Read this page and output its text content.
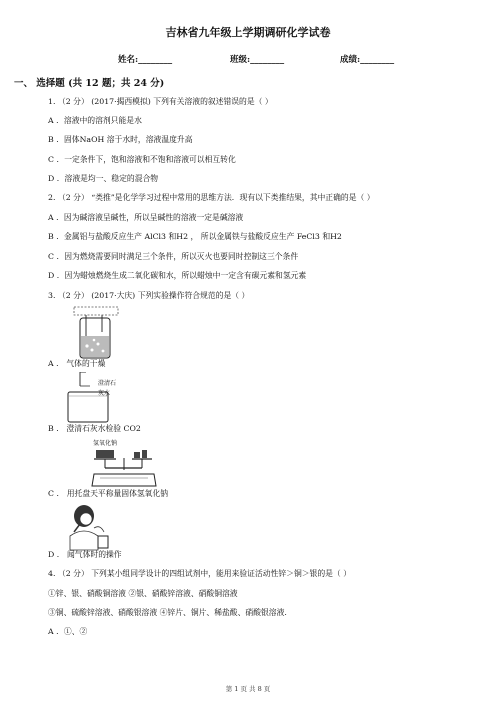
吉林省九年级上学期调研化学试卷
姓名:________	班级:________	成绩:________
一、 选择题 (共 12 题；共 24 分)
1. （2 分） (2017·揭西模拟) 下列有关溶液的叙述错误的是（ ）
A ．溶液中的溶剂只能是水
B ．固体NaOH 溶于水时，溶液温度升高
C ．一定条件下，饱和溶液和不饱和溶液可以相互转化
D ．溶液是均一、稳定的混合物
2. （2 分） “类推”是化学学习过程中常用的思维方法．现有以下类推结果，其中正确的是（ ）
A ．因为碱溶液呈碱性，所以呈碱性的溶液一定是碱溶液
B ．金属铝与盐酸反应生产 AlCl3 和H2 ， 所以金属铁与盐酸反应生产 FeCl3 和H2
C ．因为燃烧需要同时满足三个条件，所以灭火也要同时控制这三个条件
D ．因为蜡烛燃烧生成二氧化碳和水，所以蜡烛中一定含有碳元素和氢元素
3. （2 分） (2017·大庆) 下列实验操作符合规范的是（ ）
A ． 气体的干燥
澄清石
灰水
B ． 澄清石灰水检验 CO2
氢氧化钠
C ． 用托盘天平称量固体氢氧化钠
D ． 闻气体时的操作
4. （2 分） 下列某小组同学设计的四组试剂中，能用来验证活动性锌＞铜＞银的是（ ）
①锌、银、硝酸铜溶液 ②银、硝酸锌溶液、硝酸铜溶液
③铜、硫酸锌溶液、硝酸银溶液 ④锌片、铜片、稀盐酸、硝酸银溶液.
A ．①、②
第 1 页 共 8 页
